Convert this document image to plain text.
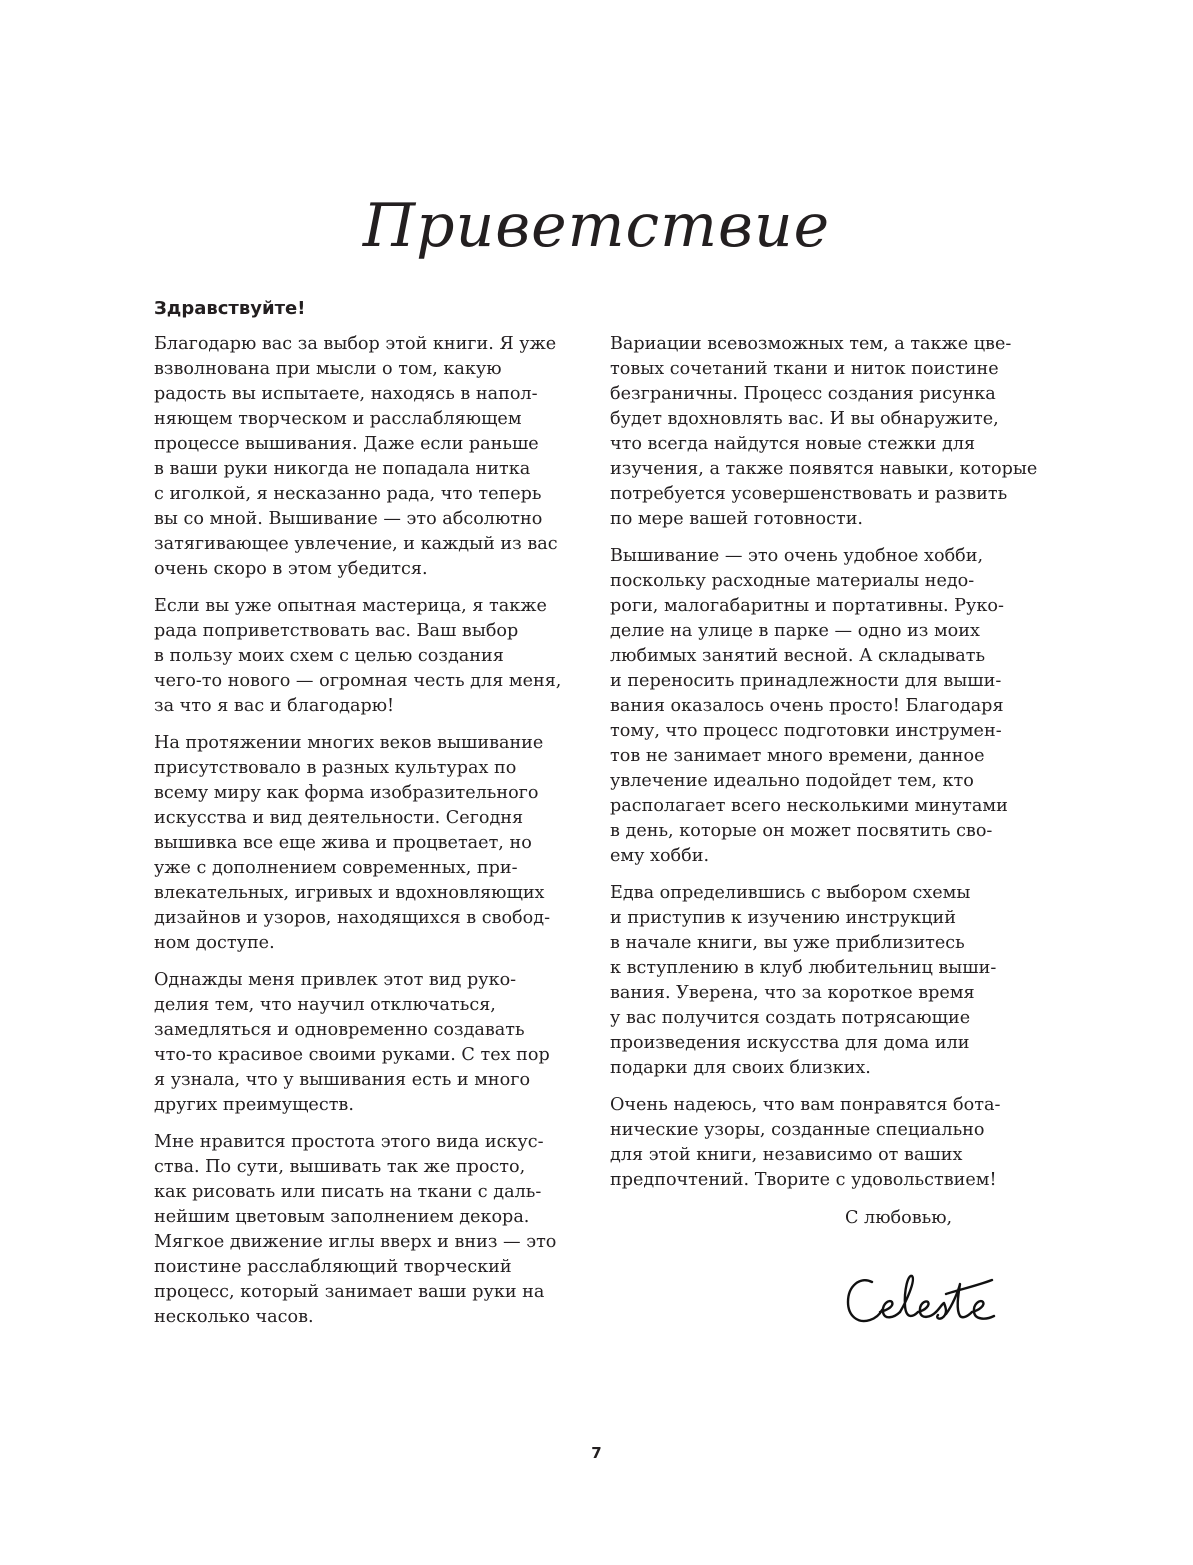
Приветствие
Здравствуйте!

Благодарю вас за выбор этой книги. Я уже
взволнована при мысли о том, какую
радость вы испытаете, находясь в напол-
няющем творческом и расслабляющем
процессе вышивания. Даже если раньше
в ваши руки никогда не попадала нитка
с иголкой, я несказанно рада, что теперь
вы со мной. Вышивание — это абсолютно
затягивающее увлечение, и каждый из вас
очень скоро в этом убедится.

Если вы уже опытная мастерица, я также
рада поприветствовать вас. Ваш выбор
в пользу моих схем с целью создания
чего-то нового — огромная честь для меня,
за что я вас и благодарю!

На протяжении многих веков вышивание
присутствовало в разных культурах по
всему миру как форма изобразительного
искусства и вид деятельности. Сегодня
вышивка все еще жива и процветает, но
уже с дополнением современных, при-
влекательных, игривых и вдохновляющих
дизайнов и узоров, находящихся в свобод-
ном доступе.

Однажды меня привлек этот вид руко-
делия тем, что научил отключаться,
замедляться и одновременно создавать
что-то красивое своими руками. С тех пор
я узнала, что у вышивания есть и много
других преимуществ.

Мне нравится простота этого вида искус-
ства. По сути, вышивать так же просто,
как рисовать или писать на ткани с даль-
нейшим цветовым заполнением декора.
Мягкое движение иглы вверх и вниз — это
поистине расслабляющий творческий
процесс, который занимает ваши руки на
несколько часов.

Вариации всевозможных тем, а также цве-
товых сочетаний ткани и ниток поистине
безграничны. Процесс создания рисунка
будет вдохновлять вас. И вы обнаружите,
что всегда найдутся новые стежки для
изучения, а также появятся навыки, которые
потребуется усовершенствовать и развить
по мере вашей готовности.

Вышивание — это очень удобное хобби,
поскольку расходные материалы недо-
роги, малогабаритны и портативны. Руко-
делие на улице в парке — одно из моих
любимых занятий весной. А складывать
и переносить принадлежности для выши-
вания оказалось очень просто! Благодаря
тому, что процесс подготовки инструмен-
тов не занимает много времени, данное
увлечение идеально подойдет тем, кто
располагает всего несколькими минутами
в день, которые он может посвятить сво-
ему хобби.

Едва определившись с выбором схемы
и приступив к изучению инструкций
в начале книги, вы уже приблизитесь
к вступлению в клуб любительниц выши-
вания. Уверена, что за короткое время
у вас получится создать потрясающие
произведения искусства для дома или
подарки для своих близких.

Очень надеюсь, что вам понравятся бота-
нические узоры, созданные специально
для этой книги, независимо от ваших
предпочтений. Творите с удовольствием!

С любовью,
7
